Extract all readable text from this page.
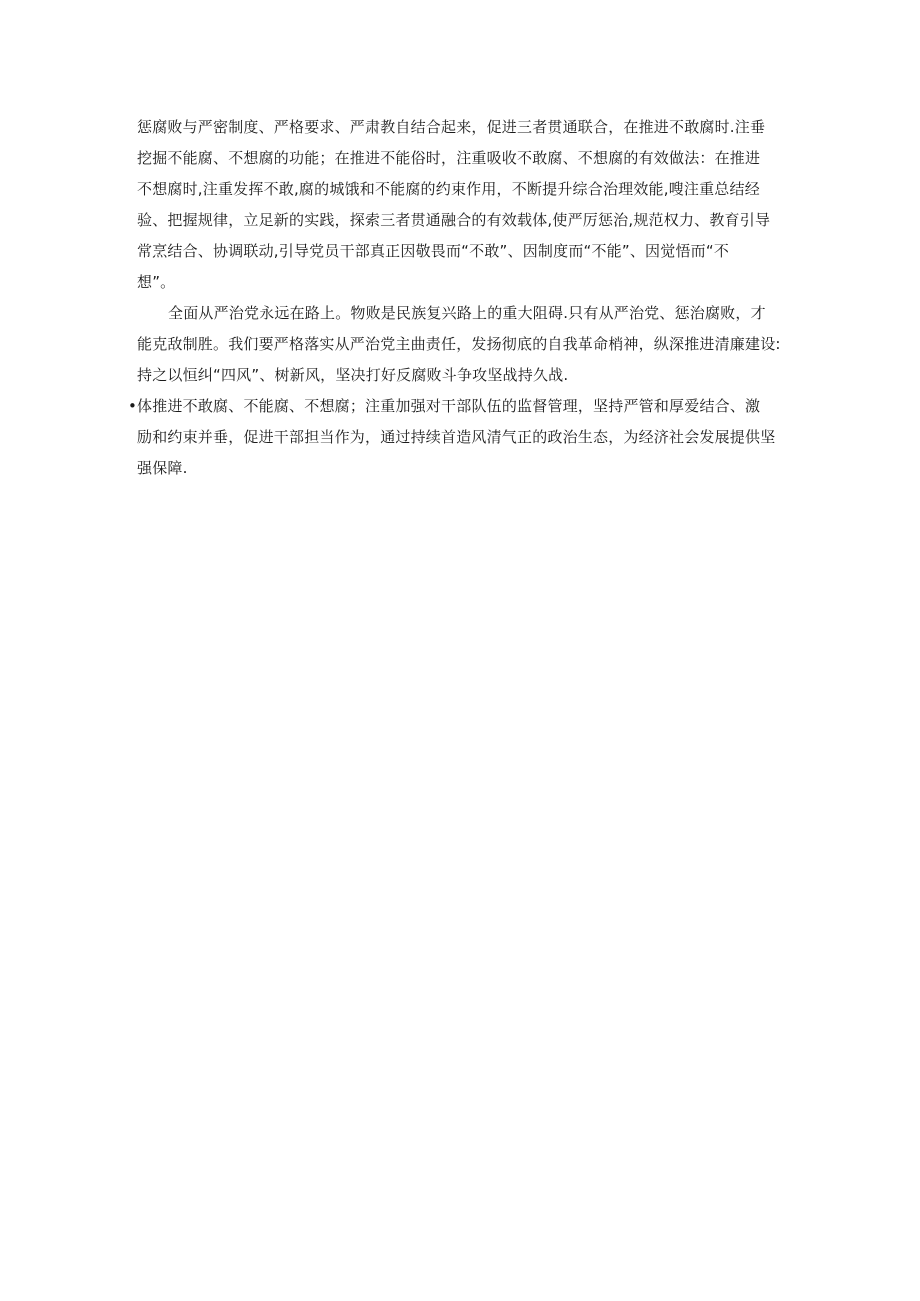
惩腐败与严密制度、严格要求、严肃教自结合起来，促进三者贯通联合，在推进不敢腐时.注垂
挖掘不能腐、不想腐的功能；在推进不能俗时，注重吸收不敢腐、不想腐的有效做法：在推进
不想腐时,注重发挥不敢,腐的城饿和不能腐的约束作用，不断提升综合治理效能,嗖注重总结经
验、把握规律，立足新的实践，探索三者贯通融合的有效载体,使严厉惩治,规范权力、教育引导
常烹结合、协调联动,引导党员干部真正因敬畏而“不敢”、因制度而“不能”、因觉悟而“不
想”。

全面从严治党永远在路上。物败是民族复兴路上的重大阻碍.只有从严治党、惩治腐败，才
能克敌制胜。我们要严格落实从严治党主曲责任，发扬彻底的自我革命梢神，纵深推进清廉建设:
持之以恒纠“四风”、树新风，坚决打好反腐败斗争攻坚战持久战.

•体推进不敢腐、不能腐、不想腐；注重加强对干部队伍的监督管理，坚持严管和厚爱结合、激
励和约束并垂，促进干部担当作为，通过持续首造风清气正的政治生态，为经济社会发展提供坚
强保障.
